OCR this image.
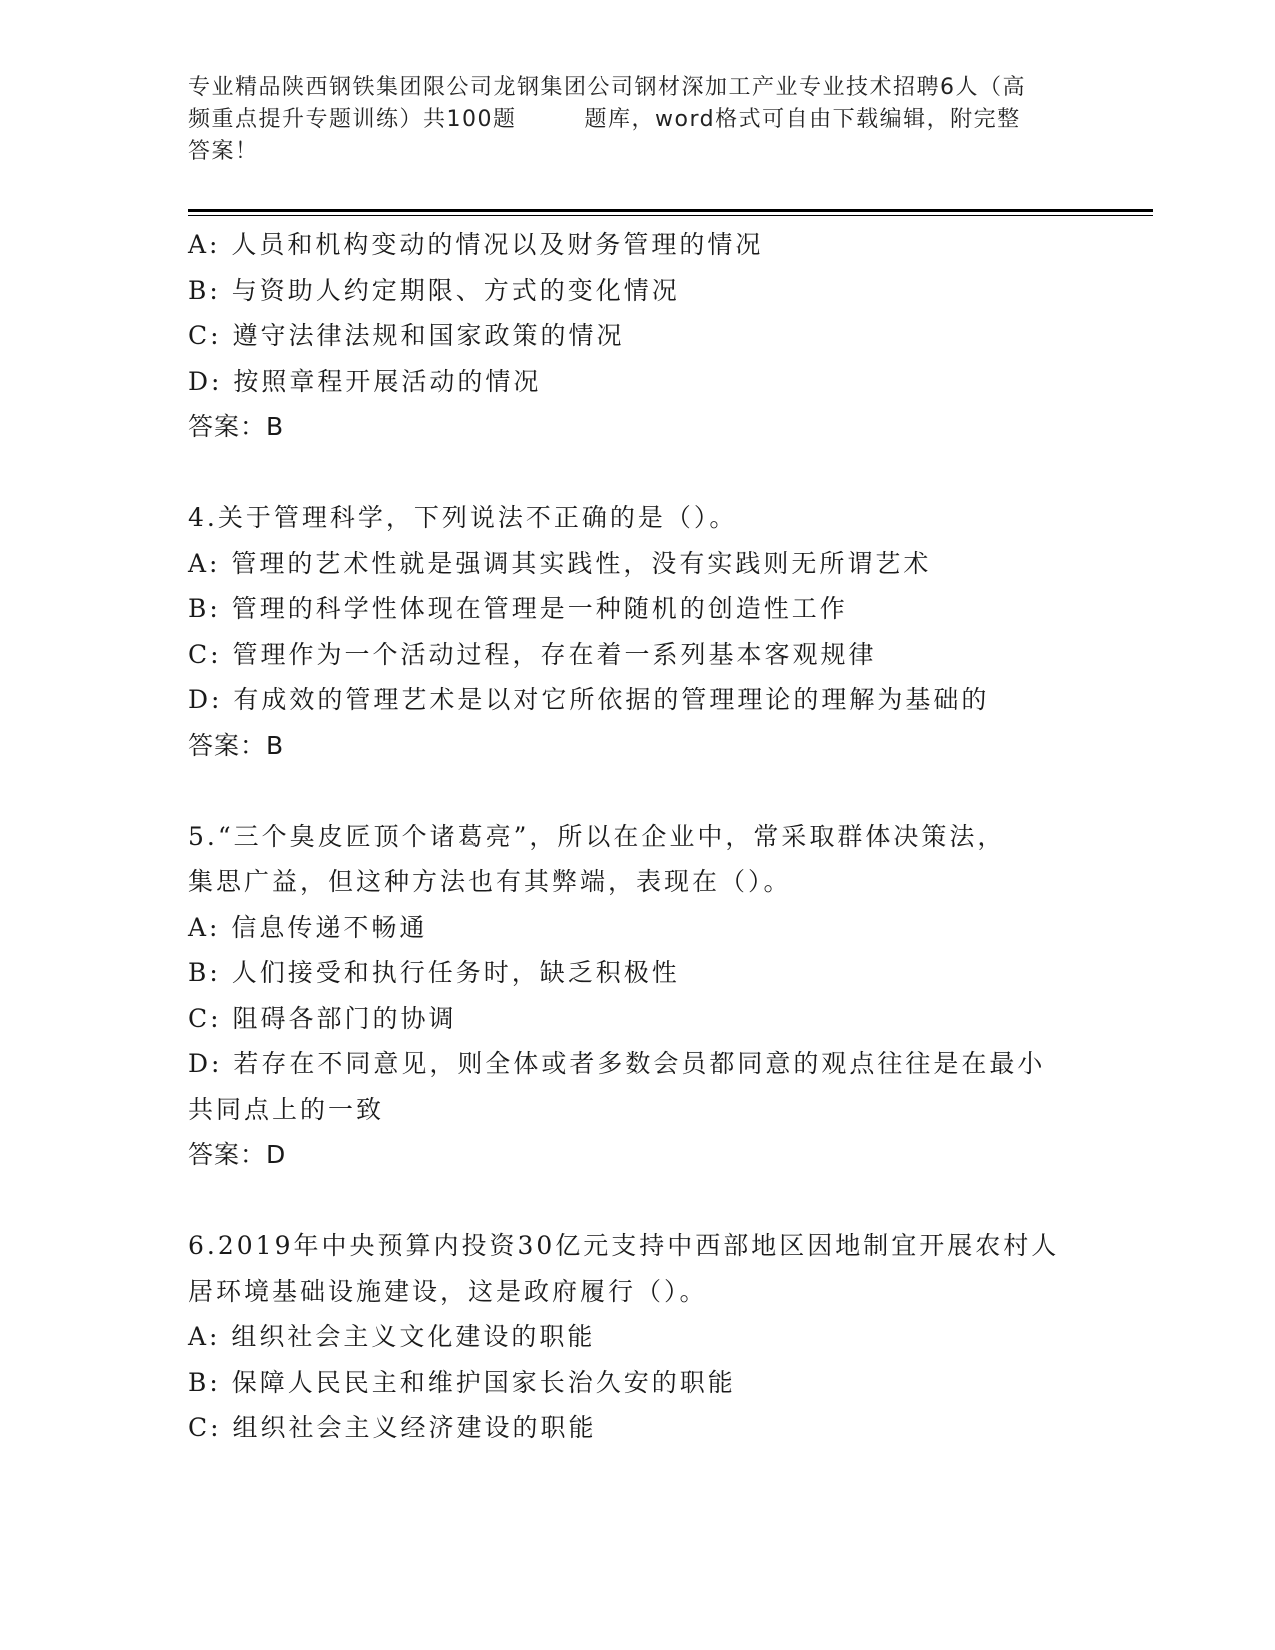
专业精品陕西钢铁集团限公司龙钢集团公司钢材深加工产业专业技术招聘6人（高
频重点提升专题训练）共100题	题库，word格式可自由下载编辑，附完整
答案！
A: 人员和机构变动的情况以及财务管理的情况
B: 与资助人约定期限、方式的变化情况
C: 遵守法律法规和国家政策的情况
D: 按照章程开展活动的情况
答案：B
4.关于管理科学，下列说法不正确的是（）。
A: 管理的艺术性就是强调其实践性，没有实践则无所谓艺术
B: 管理的科学性体现在管理是一种随机的创造性工作
C: 管理作为一个活动过程，存在着一系列基本客观规律
D: 有成效的管理艺术是以对它所依据的管理理论的理解为基础的
答案：B
5.“三个臭皮匠顶个诸葛亮”，所以在企业中，常采取群体决策法，
集思广益，但这种方法也有其弊端，表现在（）。
A: 信息传递不畅通
B: 人们接受和执行任务时，缺乏积极性
C: 阻碍各部门的协调
D: 若存在不同意见，则全体或者多数会员都同意的观点往往是在最小
共同点上的一致
答案：D
6.2019年中央预算内投资30亿元支持中西部地区因地制宜开展农村人
居环境基础设施建设，这是政府履行（）。
A: 组织社会主义文化建设的职能
B: 保障人民民主和维护国家长治久安的职能
C: 组织社会主义经济建设的职能
